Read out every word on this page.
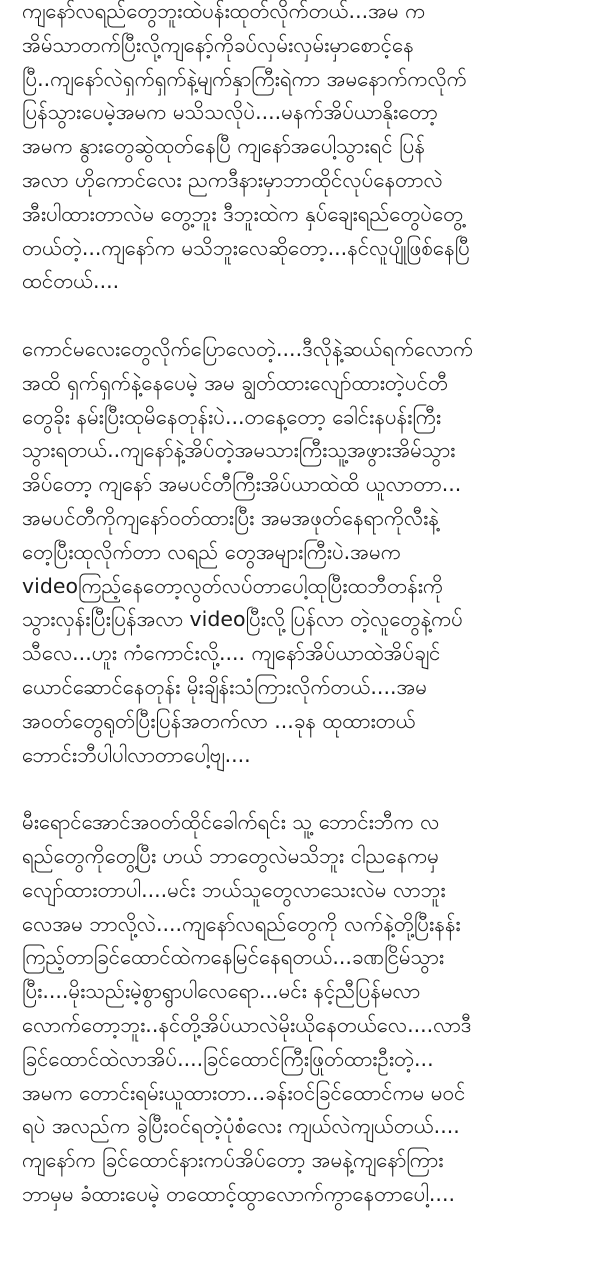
ကျနော်လရည်တွေဘူးထဲပန်းထုတ်လိုက်တယ်...အမ က
အိမ်သာတက်ပြီးလို့ကျနော့်ကိုခပ်လှမ်းလှမ်းမှာစောင့်နေ
ပြီ..ကျနော်လဲရှက်ရှက်နဲ့မျက်နှာကြီးရဲကာ အမနောက်ကလိုက်
ပြန်သွားပေမဲ့အမက မသိသလိုပဲ....မနက်အိပ်ယာနိုးတော့
အမက နွားတွေဆွဲထုတ်နေပြီ ကျနော်အပေါ့သွားရင် ပြန်
အလာ ဟိုကောင်လေး ညကဒီနားမှာဘာထိုင်လုပ်နေတာလဲ
အီးပါထားတာလဲမ တွေ့ဘူး ဒီဘူးထဲက နှပ်ချေးရည်တွေပဲတွေ့
တယ်တဲ့...ကျနော်က မသိဘူးလေဆိုတော့...နင်လူပျိုဖြစ်နေပြီ
ထင်တယ်....
ကောင်မလေးတွေလိုက်ပြောလေတဲ့....ဒီလိုနဲ့ဆယ်ရက်လောက်
အထိ ရှက်ရှက်နဲ့နေပေမဲ့ အမ ချွတ်ထားလျော်ထားတဲ့ပင်တီ
တွေခိုး နမ်းပြီးထုမိနေတုန်းပဲ...တနေ့တော့ ခေါင်းနပန်းကြီး
သွားရတယ်..ကျနော်နဲ့အိပ်တဲ့အမသားကြီးသူ့အဖွားအိမ်သွား
အိပ်တော့ ကျနော် အမပင်တီကြီးအိပ်ယာထဲထိ ယူလာတာ...
အမပင်တီကိုကျနော်ဝတ်ထားပြီး အမအဖုတ်နေရာကိုလီးနဲ့
တေ့ပြီးထုလိုက်တာ လရည် တွေအများကြီးပဲ.အမက
videoကြည့်နေတော့လွတ်လပ်တာပေါ့ထုပြီးထဘီတန်းကို
သွားလှန်းပြီးပြန်အလာ videoပြီးလို့ပြန်လာ တဲ့လူတွေနဲ့ကပ်
သီလေ...ဟူး ကံကောင်းလို့.... ကျနော်အိပ်ယာထဲအိပ်ချင်
ယောင်ဆောင်နေတုန်း မိုးချိန်းသံကြားလိုက်တယ်....အမ
အဝတ်တွေရုတ်ပြီးပြန်အတက်လာ ...ခုန ထုထားတယ်
ဘောင်းဘီပါပါလာတာပေါ့ဗျ....
မီးရောင်အောင်အဝတ်ထိုင်ခေါက်ရင်း သူ့ ဘောင်းဘီက လ
ရည်တွေကိုတွေ့ပြီး ဟယ် ဘာတွေလဲမသိဘူး ငါညနေကမှ
လျော်ထားတာပါ....မင်း ဘယ်သူတွေလာသေးလဲမ လာဘူး
လေအမ ဘာလို့လဲ....ကျနော်လရည်တွေကို လက်နဲ့တို့ပြီးနန်း
ကြည့်တာခြင်ထောင်ထဲကနေမြင်နေရတယ်...ခဏငြိမ်သွား
ပြီး....မိုးသည်းမဲ့စွာရွာပါလေရော...မင်း နင့်ညီပြန်မလာ
လောက်တော့ဘူး..နင်တို့အိပ်ယာလဲမိုးယိုနေတယ်လေ....လာဒီ
ခြင်ထောင်ထဲလာအိပ်....ခြင်ထောင်ကြီးဖြုတ်ထားဦးတဲ့...
အမက တောင်းရမ်းယူထားတာ...ခန်းဝင်ခြင်ထောင်ကမ မဝင်
ရပဲ အလည်က ခွဲပြီးဝင်ရတဲ့ပုံစံလေး ကျယ်လဲကျယ်တယ်....
ကျနော်က ခြင်ထောင်နားကပ်အိပ်တော့ အမနဲ့ကျနော်ကြား
ဘာမှမ ခံထားပေမဲ့ တထောင့်ထွာလောက်ကွာနေတာပေါ့....
